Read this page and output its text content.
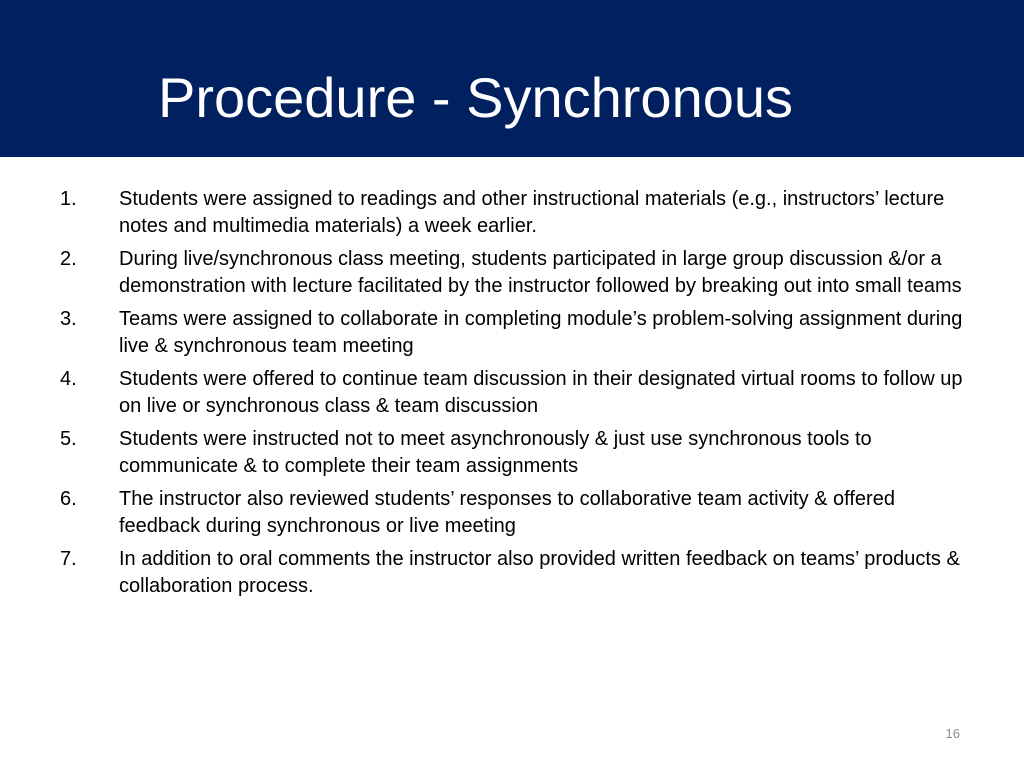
Procedure - Synchronous
1. Students were assigned to readings and other instructional materials (e.g., instructors’ lecture notes and multimedia materials) a week earlier.
2. During live/synchronous class meeting, students participated in large group discussion &/or a demonstration with lecture facilitated by the instructor followed by breaking out into small teams
3. Teams were assigned to collaborate in completing module’s problem-solving assignment during live & synchronous team meeting
4. Students were offered to continue team discussion in their designated virtual rooms to follow up on live or synchronous class & team discussion
5. Students were instructed not to meet asynchronously & just use synchronous tools to communicate & to complete their team assignments
6. The instructor also reviewed students’ responses to collaborative team activity & offered feedback during synchronous or live meeting
7. In addition to oral comments the instructor also provided written feedback on teams’ products & collaboration process.
16
